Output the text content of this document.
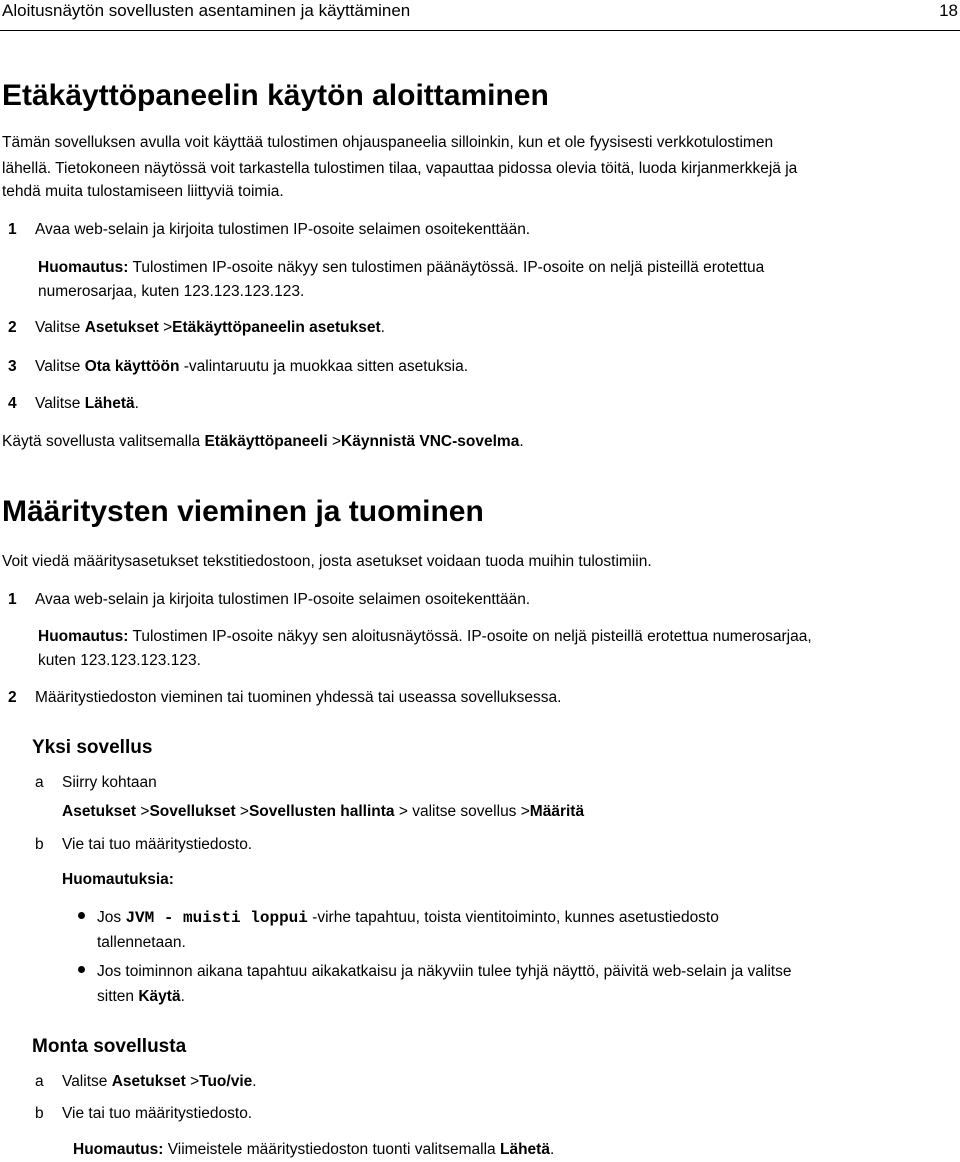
Aloitusnäytön sovellusten asentaminen ja käyttäminen	18
Etäkäyttöpaneelin käytön aloittaminen

Tämän sovelluksen avulla voit käyttää tulostimen ohjauspaneelia silloinkin, kun et ole fyysisesti verkkotulostimen

lähellä. Tietokoneen näytössä voit tarkastella tulostimen tilaa, vapauttaa pidossa olevia töitä, luoda kirjanmerkkejä ja

tehdä muita tulostamiseen liittyviä toimia.

1 Avaa web-selain ja kirjoita tulostimen IP-osoite selaimen osoitekenttään.

Huomautus: Tulostimen IP-osoite näkyy sen tulostimen päänäytössä. IP-osoite on neljä pisteillä erotettua

numerosarjaa, kuten 123.123.123.123.

2 Valitse Asetukset >Etäkäyttöpaneelin asetukset.

3 Valitse Ota käyttöön -valintaruutu ja muokkaa sitten asetuksia.

4 Valitse Lähetä.

Käytä sovellusta valitsemalla Etäkäyttöpaneeli >Käynnistä VNC-sovelma.

Määritysten vieminen ja tuominen

Voit viedä määritysasetukset tekstitiedostoon, josta asetukset voidaan tuoda muihin tulostimiin.

1 Avaa web-selain ja kirjoita tulostimen IP-osoite selaimen osoitekenttään.

Huomautus: Tulostimen IP-osoite näkyy sen aloitusnäytössä. IP-osoite on neljä pisteillä erotettua numerosarjaa,

kuten 123.123.123.123.

2 Määritystiedoston vieminen tai tuominen yhdessä tai useassa sovelluksessa.

Yksi sovellus
a Siirry kohtaan

Asetukset >Sovellukset >Sovellusten hallinta > valitse sovellus >Määritä

b Vie tai tuo määritystiedosto.

Huomautuksia:

Jos JVM - muisti loppui -virhe tapahtuu, toista vientitoiminto, kunnes asetustiedosto

tallennetaan.

Jos toiminnon aikana tapahtuu aikakatkaisu ja näkyviin tulee tyhjä näyttö, päivitä web-selain ja valitse

sitten Käytä.

Monta sovellusta
a Valitse Asetukset >Tuo/vie.

b Vie tai tuo määritystiedosto.

Huomautus: Viimeistele määritystiedoston tuonti valitsemalla Lähetä.
